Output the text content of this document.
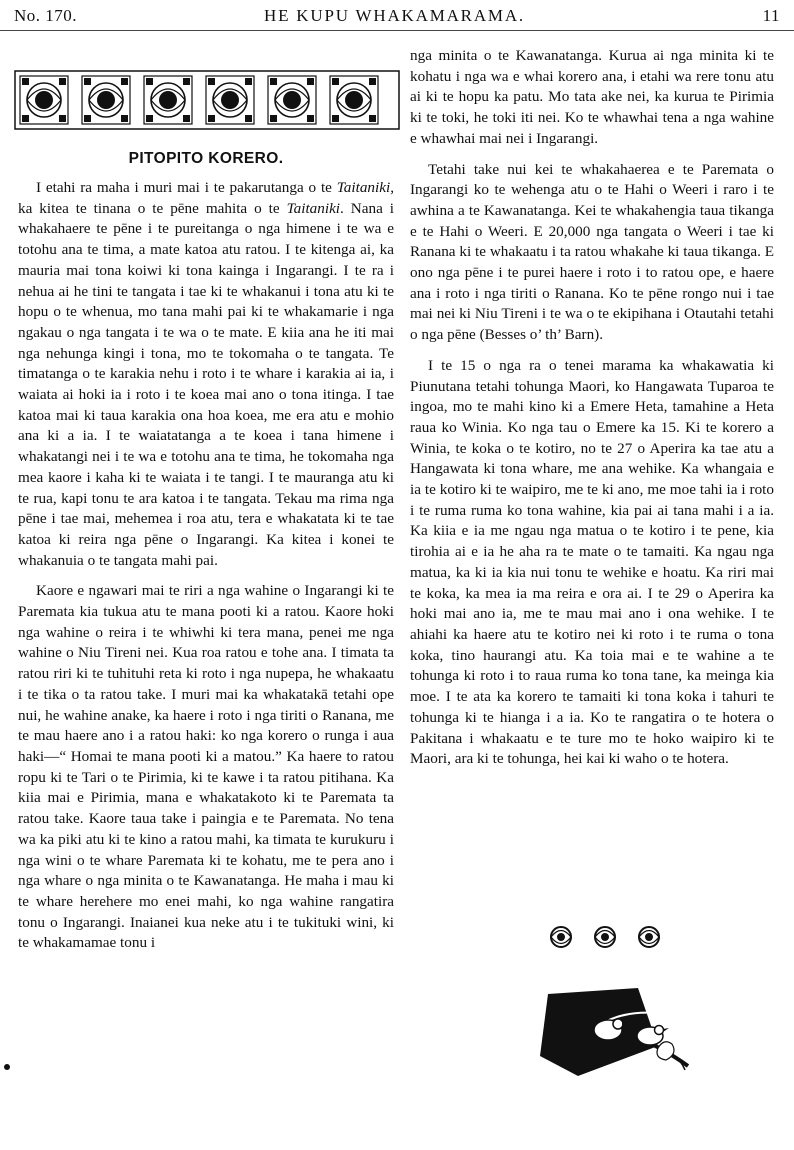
No. 170.	HE KUPU WHAKAMARAMA.	11
PITOPITO KORERO.

I etahi ra maha i muri mai i te pakarutanga o te Taitaniki, ka kitea te tinana o te pēne mahita o te Taitaniki. Nana i whakahaere te pēne i te pureitanga o nga himene i te wa e totohu ana te tima, a mate katoa atu ratou. I te kitenga ai, ka mauria mai tona koiwi ki tona kainga i Ingarangi. I te ra i nehua ai he tini te tangata i tae ki te whakanui i tona atu ki te hopu o te whenua, mo tana mahi pai ki te whakamarie i nga ngakau o nga tangata i te wa o te mate. E kiia ana he iti mai nga nehunga kingi i tona, mo te tokomaha o te tangata. Te timatanga o te karakia nehu i roto i te whare i karakia ai ia, i waiata ai hoki ia i roto i te koea mai ano o tona itinga. I tae katoa mai ki taua karakia ona hoa koea, me era atu e mohio ana ki a ia. I te waiatatanga a te koea i tana himene i whakatangi nei i te wa e totohu ana te tima, he tokomaha nga mea kaore i kaha ki te waiata i te tangi. I te mauranga atu ki te rua, kapi tonu te ara katoa i te tangata. Tekau ma rima nga pēne i tae mai, mehemea i roa atu, tera e whakatata ki te tae katoa ki reira nga pēne o Ingarangi. Ka kitea i konei te whakanuia o te tangata mahi pai.

Kaore e ngawari mai te riri a nga wahine o Ingarangi ki te Paremata kia tukua atu te mana pooti ki a ratou. Kaore hoki nga wahine o reira i te whiwhi ki tera mana, penei me nga wahine o Niu Tireni nei. Kua roa ratou e tohe ana. I timata ta ratou riri ki te tuhituhi reta ki roto i nga nupepa, he whakaatu i te tika o ta ratou take. I muri mai ka whakatakā tetahi ope nui, he wahine anake, ka haere i roto i nga tiriti o Ranana, me te mau haere ano i a ratou haki: ko nga korero o runga i aua haki—“ Homai te mana pooti ki a matou.” Ka haere to ratou ropu ki te Tari o te Pirimia, ki te kawe i ta ratou pitihana. Ka kiia mai e Pirimia, mana e whakatakoto ki te Paremata ta ratou take. Kaore taua take i paingia e te Paremata. No tena wa ka piki atu ki te kino a ratou mahi, ka timata te kurukuru i nga wini o te whare Paremata ki te kohatu, me te pera ano i nga whare o nga minita o te Kawanatanga. He maha i mau ki te whare herehere mo enei mahi, ko nga wahine rangatira tonu o Ingarangi. Inaianei kua neke atu i te tukituki wini, ki te whakamamae tonu i

nga minita o te Kawanatanga. Kurua ai nga minita ki te kohatu i nga wa e whai korero ana, i etahi wa rere tonu atu ai ki te hopu ka patu. Mo tata ake nei, ka kurua te Pirimia ki te toki, he toki iti nei. Ko te whawhai tena a nga wahine e whawhai mai nei i Ingarangi.

Tetahi take nui kei te whakahaerea e te Paremata o Ingarangi ko te wehenga atu o te Hahi o Weeri i raro i te awhina a te Kawanatanga. Kei te whakahengia taua tikanga e te Hahi o Weeri. E 20,000 nga tangata o Weeri i tae ki Ranana ki te whakaatu i ta ratou whakahe ki taua tikanga. E ono nga pēne i te purei haere i roto i to ratou ope, e haere ana i roto i nga tiriti o Ranana. Ko te pēne rongo nui i tae mai nei ki Niu Tireni i te wa o te ekipihana i Otautahi tetahi o nga pēne (Besses o’ th’ Barn).

I te 15 o nga ra o tenei marama ka whakawatia ki Piunutana tetahi tohunga Maori, ko Hangawata Tuparoa te ingoa, mo te mahi kino ki a Emere Heta, tamahine a Heta raua ko Winia. Ko nga tau o Emere ka 15. Ki te korero a Winia, te koka o te kotiro, no te 27 o Aperira ka tae atu a Hangawata ki tona whare, me ana wehike. Ka whangaia e ia te kotiro ki te waipiro, me te ki ano, me moe tahi ia i roto i te ruma ruma ko tona wahine, kia pai ai tana mahi i a ia. Ka kiia e ia me ngau nga matua o te kotiro i te pene, kia tirohia ai e ia he aha ra te mate o te tamaiti. Ka ngau nga matua, ka ki ia kia nui tonu te wehike e hoatu. Ka riri mai te koka, ka mea ia ma reira e ora ai. I te 29 o Aperira ka hoki mai ano ia, me te mau mai ano i ona wehike. I te ahiahi ka haere atu te kotiro nei ki roto i te ruma o tona koka, tino haurangi atu. Ka toia mai e te wahine a te tohunga ki roto i to raua ruma ko tona tane, ka meinga kia moe. I te ata ka korero te tamaiti ki tona koka i tahuri te tohunga ki te hianga i a ia. Ko te rangatira o te hotera o Pakitana i whakaatu e te ture mo te hoko waipiro ki te Maori, ara ki te tohunga, hei kai ki waho o te hotera.
